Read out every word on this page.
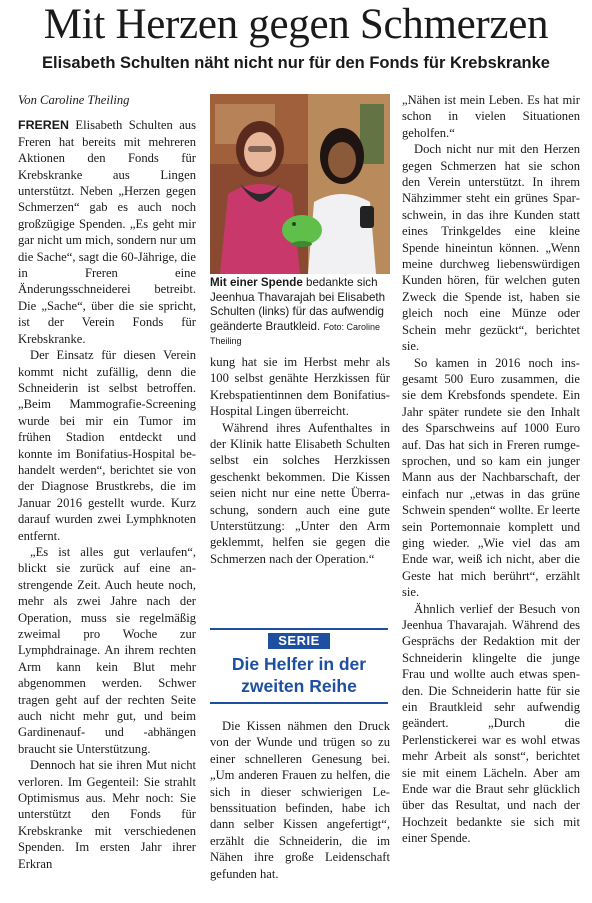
Mit Herzen gegen Schmerzen
Elisabeth Schulten näht nicht nur für den Fonds für Krebskranke

Von Caroline Theiling

FREREN Elisabeth Schulten aus Freren hat bereits mit mehreren Aktionen den Fonds für Krebskranke aus Lingen unterstützt. Neben „Herzen gegen Schmerzen“ gab es auch noch großzügige Spenden. „Es geht mir gar nicht um mich, sondern nur um die Sache“, sagt die 60-Jährige, die in Freren eine Änderungsschneiderei betreibt. Die „Sache“, über die sie spricht, ist der Verein Fonds für Krebskranke.

Der Einsatz für diesen Verein kommt nicht zufällig, denn die Schneiderin ist selbst betroffen. „Beim Mammografie-Screening wurde bei mir ein Tumor im frühen Stadion entdeckt und konnte im Bonifatius-Hospital behandelt werden“, berichtet sie von der Diagnose Brustkrebs, die im Januar 2016 gestellt wurde. Kurz darauf wurden zwei Lymphknoten entfernt.

„Es ist alles gut verlaufen“, blickt sie zurück auf eine anstrengende Zeit. Auch heute noch, mehr als zwei Jahre nach der Operation, muss sie regelmäßig zweimal pro Woche zur Lymphdrainage. An ihrem rechten Arm kann kein Blut mehr abgenommen werden. Schwer tragen geht auf der rechten Seite auch nicht mehr gut, und beim Gardinenauf- und -abhängen braucht sie Unterstützung.

Dennoch hat sie ihren Mut nicht verloren. Im Gegenteil: Sie strahlt Optimismus aus. Mehr noch: Sie unterstützt den Fonds für Krebskranke mit verschiedenen Spenden. Im ersten Jahr ihrer Erkran

Mit einer Spende bedankte sich Jeenhua Thavarajah bei Elisabeth Schulten (links) für das aufwendig geänderte Brautkleid. Foto: Caroline Theiling

kung hat sie im Herbst mehr als 100 selbst genähte Herzkissen für Krebspatientinnen dem Bonifatius-Hospital Lingen überreicht.

Während ihres Aufenthaltes in der Klinik hatte Elisabeth Schulten selbst ein solches Herzkissen geschenkt bekommen. Die Kissen seien nicht nur eine nette Überraschung, sondern auch eine gute Unterstützung: „Unter den Arm geklemmt, helfen sie gegen die Schmerzen nach der Operation.“

SERIE
Die Helfer in der zweiten Reihe

Die Kissen nähmen den Druck von der Wunde und trügen so zu einer schnelleren Genesung bei. „Um anderen Frauen zu helfen, die sich in dieser schwierigen Lebenssituation befinden, habe ich dann selber Kissen angefertigt“, erzählt die Schneiderin, die im Nähen ihre große Leidenschaft gefunden hat.

„Nähen ist mein Leben. Es hat mir schon in vielen Situationen geholfen.“

Doch nicht nur mit den Herzen gegen Schmerzen hat sie schon den Verein unterstützt. In ihrem Nähzimmer steht ein grünes Sparschwein, in das ihre Kunden statt eines Trinkgeldes eine kleine Spende hineintun können. „Wenn meine durchweg liebenswürdigen Kunden hören, für welchen guten Zweck die Spende ist, haben sie gleich noch eine Münze oder Schein mehr gezückt“, berichtet sie.

So kamen in 2016 noch insgesamt 500 Euro zusammen, die sie dem Krebsfonds spendete. Ein Jahr später rundete sie den Inhalt des Sparschweins auf 1000 Euro auf. Das hat sich in Freren rumgesprochen, und so kam ein junger Mann aus der Nachbarschaft, der einfach nur „etwas in das grüne Schwein spenden“ wollte. Er leerte sein Portemonnaie komplett und ging wieder. „Wie viel das am Ende war, weiß ich nicht, aber die Geste hat mich berührt“, erzählt sie.

Ähnlich verlief der Besuch von Jeenhua Thavarajah. Während des Gesprächs der Redaktion mit der Schneiderin klingelte die junge Frau und wollte auch etwas spenden. Die Schneiderin hatte für sie ein Brautkleid sehr aufwendig geändert. „Durch die Perlenstickerei war es wohl etwas mehr Arbeit als sonst“, berichtet sie mit einem Lächeln. Aber am Ende war die Braut sehr glücklich über das Resultat, und nach der Hochzeit bedankte sie sich mit einer Spende.
